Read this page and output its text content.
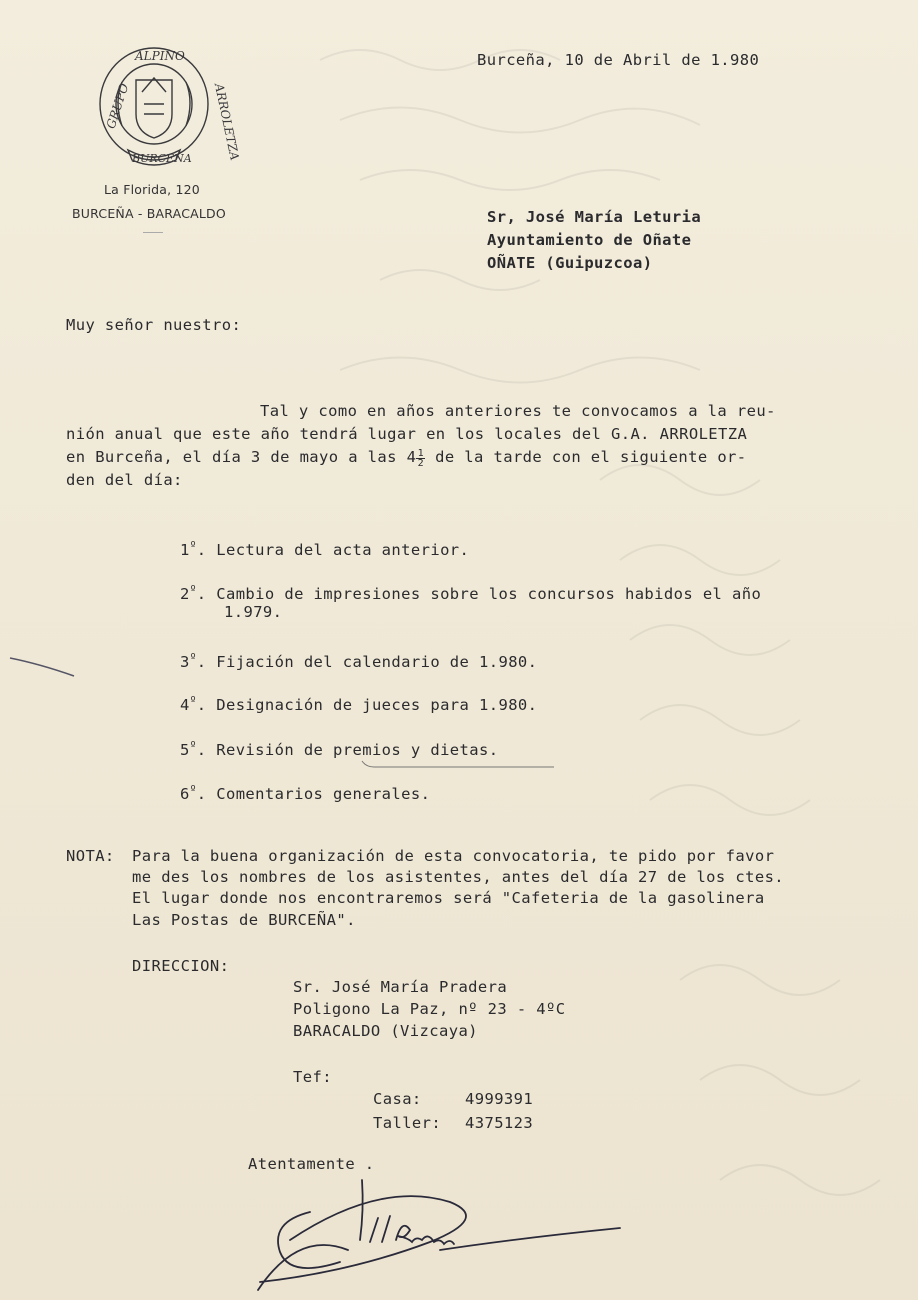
ALPINO
GRUPO	ARROLETZA
BURCEÑA
La Florida, 120
BURCEÑA - BARACALDO
Burceña, 10 de Abril de 1.980
Sr, José María Leturia
Ayuntamiento de Oñate
OÑATE (Guipuzcoa)
Muy señor nuestro:
Tal y como en años anteriores te convocamos a la reu-
nión anual que este año tendrá lugar en los locales del G.A. ARROLETZA
en Burceña, el día 3 de mayo a las $4 \frac{1}{2}$ de la tarde con el siguiente or-
den del día:
$1^º$. Lectura del acta anterior.
$2^º$. Cambio de impresiones sobre los concursos habidos el año
1.979.
$3^º$. Fijación del calendario de 1.980.
$4^º$. Designación de jueces para 1.980.
$5^º$. Revisión de premios y dietas.
$6^º$. Comentarios generales.
NOTA: Para la buena organización de esta convocatoria, te pido por favor
me des los nombres de los asistentes, antes del día 27 de los ctes.
El lugar donde nos encontraremos será "Cafeteria de la gasolinera
Las Postas de BURCEÑA".
DIRECCION:
Sr. José María Pradera
Poligono La Paz, nº 23 - 4ºC
BARACALDO (Vizcaya)
Tef:
Casa:	4999391
Taller: 4375123
Atentamente .
